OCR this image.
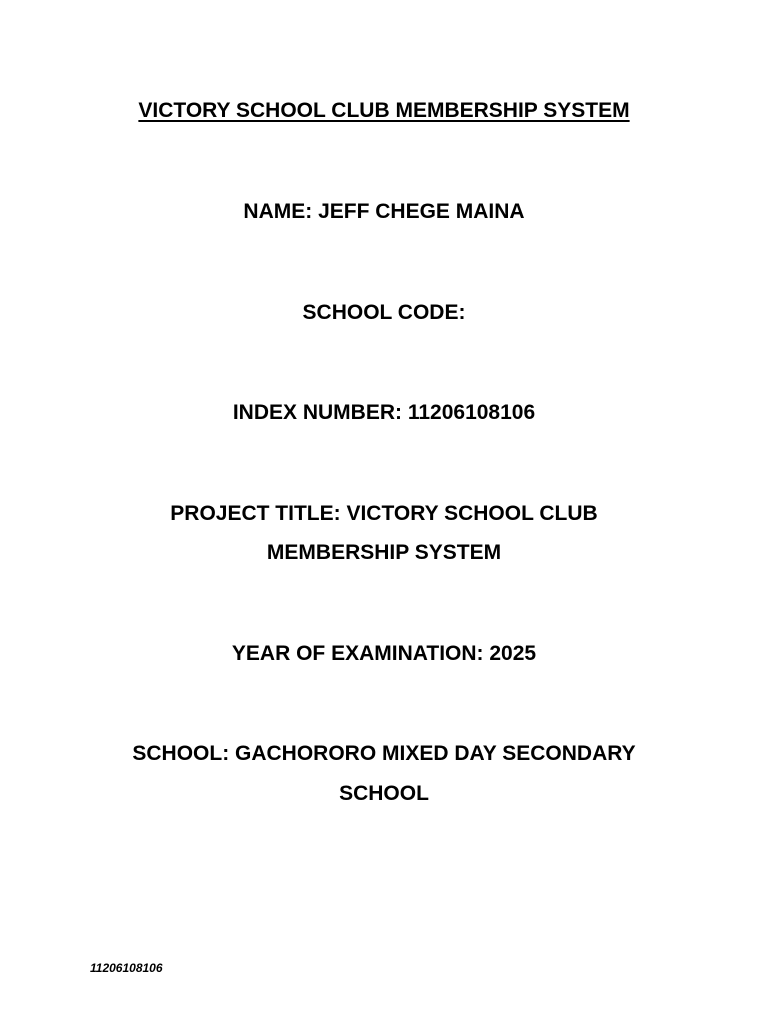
VICTORY SCHOOL CLUB MEMBERSHIP SYSTEM
NAME: JEFF CHEGE MAINA
SCHOOL CODE:
INDEX NUMBER: 11206108106
PROJECT TITLE: VICTORY SCHOOL CLUB
MEMBERSHIP SYSTEM
YEAR OF EXAMINATION: 2025
SCHOOL: GACHORORO MIXED DAY SECONDARY
SCHOOL
11206108106
